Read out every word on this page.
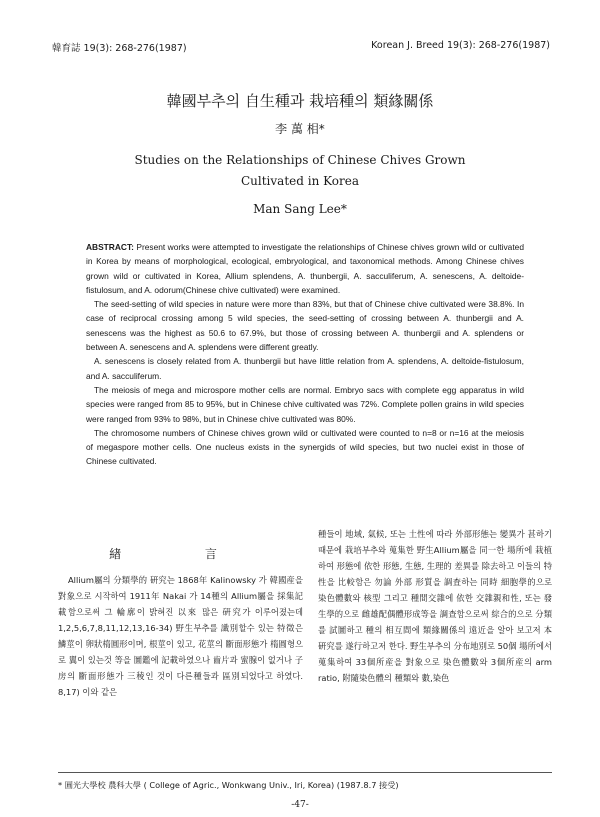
韓育誌 19(3): 268-276(1987)	Korean J. Breed 19(3): 268-276(1987)
韓國부추의 自生種과 栽培種의 類緣關係
李 萬 相*
Studies on the Relationships of Chinese Chives Grown
Cultivated in Korea
Man Sang Lee*

ABSTRACT: Present works were attempted to investigate the relationships of Chinese chives grown wild or cultivated in Korea by means of morphological, ecological, embryological, and taxonomical methods. Among Chinese chives grown wild or cultivated in Korea, Allium splendens, A. thunbergii, A. sacculiferum, A. senescens, A. deltoide-fistulosum, and A. odorum(Chinese chive cultivated) were examined.

The seed-setting of wild species in nature were more than 83%, but that of Chinese chive cultivated were 38.8%. In case of reciprocal crossing among 5 wild species, the seed-setting of crossing between A. thunbergii and A. senescens was the highest as 50.6 to 67.9%, but those of crossing between A. thunbergii and A. splendens or between A. senescens and A. splendens were different greatly.

A. senescens is closely related from A. thunbergii but have little relation from A. splendens, A. deltoide-fistulosum, and A. sacculiferum.

The meiosis of mega and microspore mother cells are normal. Embryo sacs with complete egg apparatus in wild species were ranged from 85 to 95%, but in Chinese chive cultivated was 72%. Complete pollen grains in wild species were ranged from 93% to 98%, but in Chinese chive cultivated was 80%.

The chromosome numbers of Chinese chives grown wild or cultivated were counted to n=8 or n=16 at the meiosis of megaspore mother cells. One nucleus exists in the synergids of wild species, but two nuclei exist in those of Chinese cultivated.

緖 言
Allium屬의 分類學的 硏究는 1868年 Kalinowsky 가 韓國産을 對象으로 시작하여 1911年 Nakai 가 14種의 Allium屬을 採集記載함으로써 그 輪廓이 밝혀진 以來 많은 硏究가 이루어졌는데 1,2,5,6,7,8,11,12,13,16-34) 野生부추를 識別할수 있는 特徵은 鱗莖이 卵狀楕圓形이며, 根莖이 있고, 花莖의 斷面形態가 楕圓형으로 翼이 있는것 等을 圖鑑에 記載하였으나 齒片과 蜜腺이 없거나 子房의 斷面形態가 三稜인 것이 다른種들과 區別되었다고 하였다. 8,17) 이와 같은
種들이 地域, 氣候, 또는 土性에 따라 外部形態는 變異가 甚하기 때문에 栽培부추와 蒐集한 野生Allium屬을 同一한 場所에 栽植하여 形態에 依한 形態, 生態, 生理的 差異를 除去하고 이들의 特性을 比較함은 勿論 外部 形質을 調査하는 同時 細胞學的으로 染色體數와 核型 그리고 種間交雜에 依한 交雜親和性, 또는 發生學的으로 雌雄配偶體形成等을 調查함으로써 綜合的으로 分類를 試圖하고 種의 相互間에 類緣關係의 遠近을 알아 보고저 本 硏究를 遂行하고저 한다. 野生부추의 分布地別로 50個 場所에서 蒐集하여 33個所産을 對象으로 染色體數와 3個所産의 arm ratio, 附隨染色體의 種類와 數,染色
* 圓光大學校 農科大學 ( College of Agric., Wonkwang Univ., Iri, Korea) (1987.8.7 接受)
-47-
